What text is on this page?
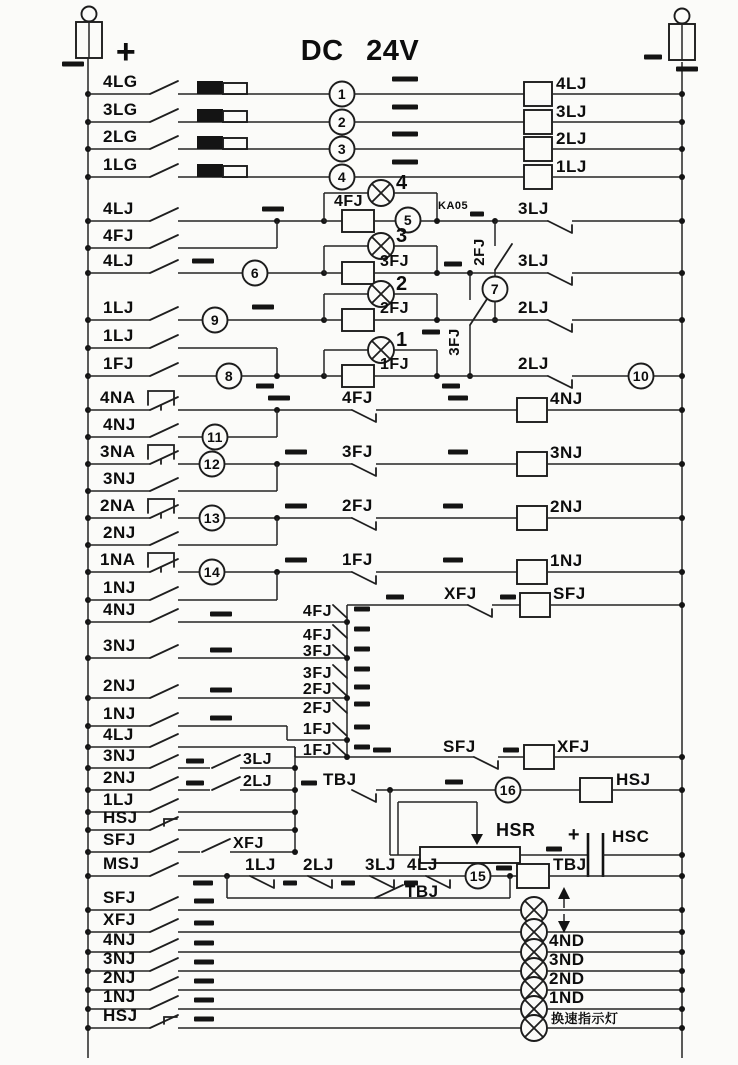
+	DC 24V
1
4LG	4LJ
2
3LG	3LJ
3
2LG	2LJ
4
1LG	1LJ
4
4FJ
5
KA05	3LJ
4LJ
4FJ
6
3
3FJ	3LJ
4LJ
7
2FJ
3FJ
9
2
2FJ	2LJ
1LJ
1LJ
8
1
1FJ	2LJ
10
1FJ
4FJ	4NJ
4NA
11
4NJ
12
3FJ	3NJ
3NA
3NJ
13
2FJ	2NJ
2NA
2NJ
14
1FJ	1NJ
1NA
1NJ	XFJ	SFJ
4FJ
4FJ
3FJ
3FJ
2FJ
2FJ
1FJ
1FJ
4NJ
3NJ
2NJ
1NJ
4LJ
SFJ	XFJ
3NJ	3LJ
2NJ	2LJ	TBJ
16
HSJ
1LJ
HSJ
SFJ	XFJ
HSR + HSC
1LJ 2LJ 3LJ 4LJ
15
TBJ
MSJ
TBJ
SFJ
XFJ
4NJ	4ND
3NJ	3ND
2NJ	2ND
1NJ	1ND
HSJ	换速指示灯
